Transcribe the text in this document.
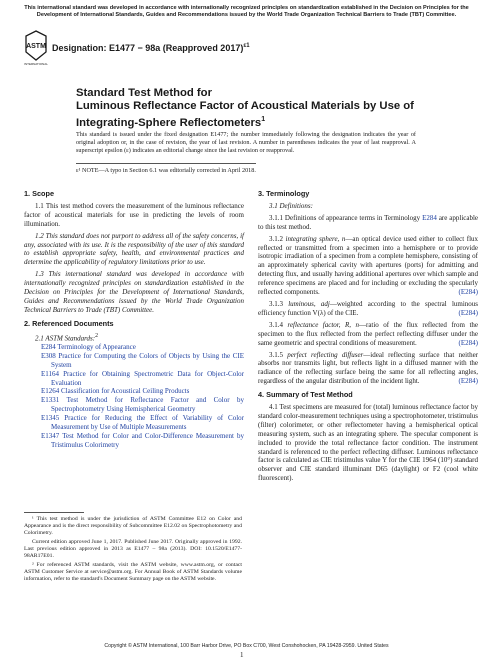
This international standard was developed in accordance with internationally recognized principles on standardization established in the Decision on Principles for the Development of International Standards, Guides and Recommendations issued by the World Trade Organization Technical Barriers to Trade (TBT) Committee.
ASTM
INTERNATIONAL
Designation: E1477 − 98a (Reapproved 2017)$^{\varepsilon 1}$
Standard Test Method for
Luminous Reflectance Factor of Acoustical Materials by Use of Integrating-Sphere Reflectometers$^1$
This standard is issued under the fixed designation E1477; the number immediately following the designation indicates the year of original adoption or, in the case of revision, the year of last revision. A number in parentheses indicates the year of last reapproval. A superscript epsilon (ε) indicates an editorial change since the last revision or reapproval.
ε¹ NOTE—A typo in Section 6.1 was editorially corrected in April 2018.
1. Scope

1.1 This test method covers the measurement of the luminous reflectance factor of acoustical materials for use in predicting the levels of room illumination.

1.2 This standard does not purport to address all of the safety concerns, if any, associated with its use. It is the responsibility of the user of this standard to establish appropriate safety, health, and environmental practices and determine the applicability of regulatory limitations prior to use.

1.3 This international standard was developed in accordance with internationally recognized principles on standardization established in the Decision on Principles for the Development of International Standards, Guides and Recommendations issued by the World Trade Organization Technical Barriers to Trade (TBT) Committee.

2. Referenced Documents

2.1 ASTM Standards:$^2$

E284 Terminology of Appearance

E308 Practice for Computing the Colors of Objects by Using the CIE System

E1164 Practice for Obtaining Spectrometric Data for Object-Color Evaluation

E1264 Classification for Acoustical Ceiling Products

E1331 Test Method for Reflectance Factor and Color by Spectrophotometry Using Hemispherical Geometry

E1345 Practice for Reducing the Effect of Variability of Color Measurement by Use of Multiple Measurements

E1347 Test Method for Color and Color-Difference Measurement by Tristimulus Colorimetry

¹ This test method is under the jurisdiction of ASTM Committee E12 on Color and Appearance and is the direct responsibility of Subcommittee E12.02 on Spectrophotometry and Colorimetry.

Current edition approved June 1, 2017. Published June 2017. Originally approved in 1992. Last previous edition approved in 2013 as E1477 – 98a (2013). DOI: 10.1520/E1477-98AR17E01.

² For referenced ASTM standards, visit the ASTM website, www.astm.org, or contact ASTM Customer Service at service@astm.org. For Annual Book of ASTM Standards volume information, refer to the standard's Document Summary page on the ASTM website.

3. Terminology

3.1 Definitions:

3.1.1 Definitions of appearance terms in Terminology E284 are applicable to this test method.

3.1.2 integrating sphere, n—an optical device used either to collect flux reflected or transmitted from a specimen into a hemisphere or to provide isotropic irradiation of a specimen from a complete hemisphere, consisting of an approximately spherical cavity with apertures (ports) for admitting and detecting flux, and usually having additional apertures over which sample and reference specimens are placed and for including or excluding the specularly reflected components.	(E284)

3.1.3 luminous, adj—weighted according to the spectral luminous efficiency function V(λ) of the CIE.	(E284)

3.1.4 reflectance factor, R, n—ratio of the flux reflected from the specimen to the flux reflected from the perfect reflecting diffuser under the same geometric and spectral conditions of measurement.	(E284)

3.1.5 perfect reflecting diffuser—ideal reflecting surface that neither absorbs nor transmits light, but reflects light in a diffused manner with the radiance of the reflecting surface being the same for all reflecting angles, regardless of the angular distribution of the incident light.	(E284)

4. Summary of Test Method

4.1 Test specimens are measured for (total) luminous reflectance factor by standard color-measurement techniques using a spectrophotometer, tristimulus (filter) colorimeter, or other reflectometer having a hemispherical optical measuring system, such as an integrating sphere. The specular component is included to provide the total reflectance factor condition. The instrument standard is referenced to the perfect reflecting diffuser. Luminous reflectance factor is calculated as CIE tristimulus value Y for the CIE 1964 (10°) standard observer and CIE standard illuminant D65 (daylight) or F2 (cool white fluorescent).

Copyright © ASTM International, 100 Barr Harbor Drive, PO Box C700, West Conshohocken, PA 19428-2959. United States
1
